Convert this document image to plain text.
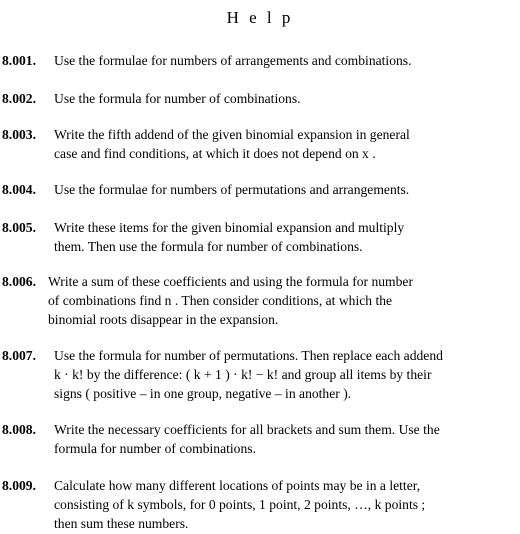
H e l p
8.001. Use the formulae for numbers of arrangements and combinations.
8.002. Use the formula for number of combinations.
8.003. Write the fifth addend of the given binomial expansion in general
case and find conditions, at which it does not depend on x .
8.004. Use the formulae for numbers of permutations and arrangements.
8.005. Write these items for the given binomial expansion and multiply
them. Then use the formula for number of combinations.
8.006. Write a sum of these coefficients and using the formula for number
of combinations find n . Then consider conditions, at which the
binomial roots disappear in the expansion.
8.007. Use the formula for number of permutations. Then replace each addend
k · k! by the difference: ( k + 1 ) · k! − k! and group all items by their
signs ( positive – in one group, negative – in another ).
8.008. Write the necessary coefficients for all brackets and sum them. Use the
formula for number of combinations.
8.009. Calculate how many different locations of points may be in a letter,
consisting of k symbols, for 0 points, 1 point, 2 points, …, k points ;
then sum these numbers.
